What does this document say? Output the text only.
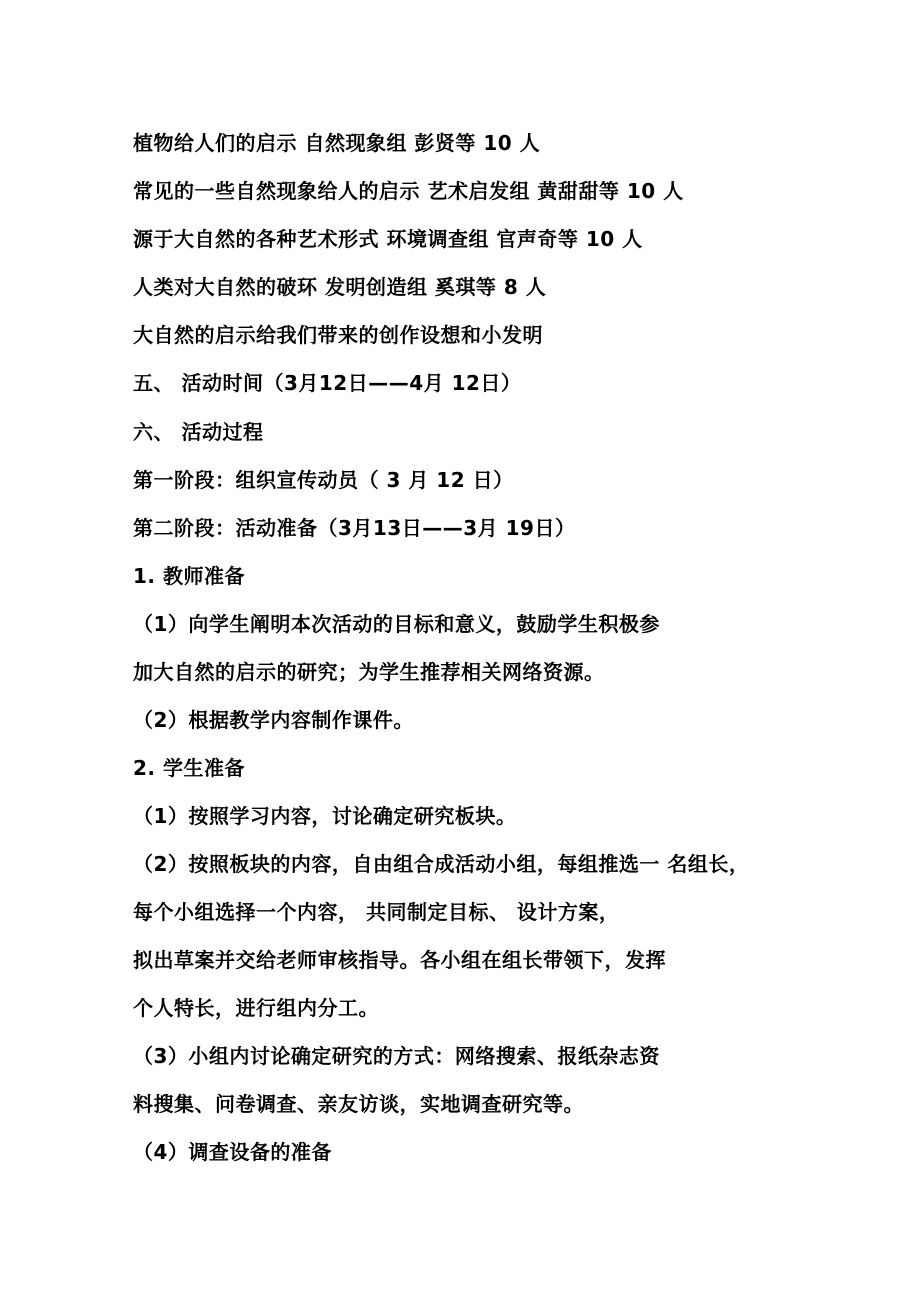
植物给人们的启示 自然现象组 彭贤等 10 人
常见的一些自然现象给人的启示 艺术启发组 黄甜甜等 10 人
源于大自然的各种艺术形式 环境调查组 官声奇等 10 人
人类对大自然的破环 发明创造组 奚琪等 8 人
大自然的启示给我们带来的创作设想和小发明
五、 活动时间（3月12日——4月 12日）
六、 活动过程
第一阶段：组织宣传动员（ 3 月 12 日）
第二阶段：活动准备（3月13日——3月 19日）
1. 教师准备
（1）向学生阐明本次活动的目标和意义，鼓励学生积极参
加大自然的启示的研究；为学生推荐相关网络资源。
（2）根据教学内容制作课件。
2. 学生准备
（1）按照学习内容，讨论确定研究板块。
（2）按照板块的内容，自由组合成活动小组，每组推选一 名组长，
每个小组选择一个内容， 共同制定目标、 设计方案，
拟出草案并交给老师审核指导。各小组在组长带领下，发挥
个人特长，进行组内分工。
（3）小组内讨论确定研究的方式：网络搜索、报纸杂志资
料搜集、问卷调查、亲友访谈，实地调查研究等。
（4）调查设备的准备
